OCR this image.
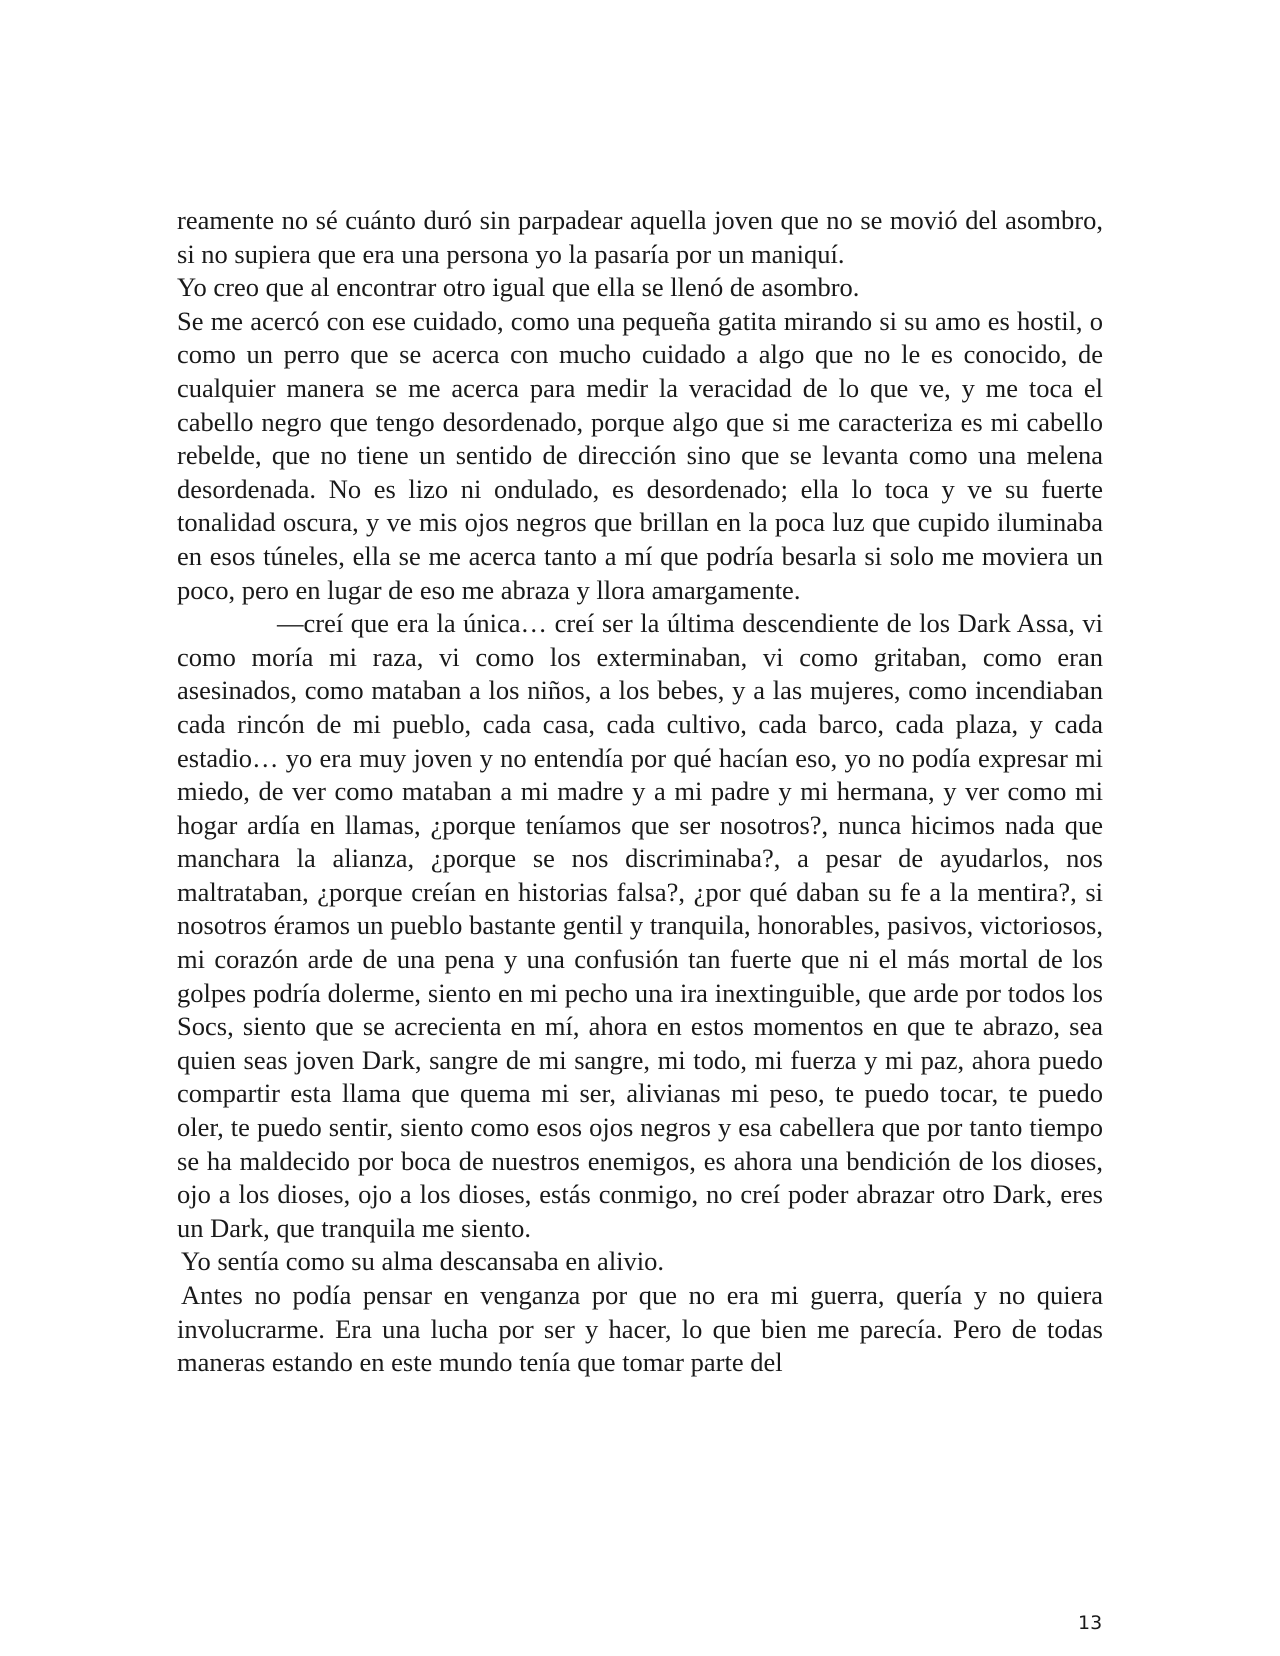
reamente no sé cuánto duró sin parpadear aquella joven que no se movió del asombro, si no supiera que era una persona yo la pasaría por un maniquí.

Yo creo que al encontrar otro igual que ella se llenó de asombro.

Se me acercó con ese cuidado, como una pequeña gatita mirando si su amo es hostil, o como un perro que se acerca con mucho cuidado a algo que no le es conocido, de cualquier manera se me acerca para medir la veracidad de lo que ve, y me toca el cabello negro que tengo desordenado, porque algo que si me caracteriza es mi cabello rebelde, que no tiene un sentido de dirección sino que se levanta como una melena desordenada. No es lizo ni ondulado, es desordenado; ella lo toca y ve su fuerte tonalidad oscura, y ve mis ojos negros que brillan en la poca luz que cupido iluminaba en esos túneles, ella se me acerca tanto a mí que podría besarla si solo me moviera un poco, pero en lugar de eso me abraza y llora amargamente.

—creí que era la única… creí ser la última descendiente de los Dark Assa, vi como moría mi raza, vi como los exterminaban, vi como gritaban, como eran asesinados, como mataban a los niños, a los bebes, y a las mujeres, como incendiaban cada rincón de mi pueblo, cada casa, cada cultivo, cada barco, cada plaza, y cada estadio… yo era muy joven y no entendía por qué hacían eso, yo no podía expresar mi miedo, de ver como mataban a mi madre y a mi padre y mi hermana, y ver como mi hogar ardía en llamas, ¿porque teníamos que ser nosotros?, nunca hicimos nada que manchara la alianza, ¿porque se nos discriminaba?, a pesar de ayudarlos, nos maltrataban, ¿porque creían en historias falsa?, ¿por qué daban su fe a la mentira?, si nosotros éramos un pueblo bastante gentil y tranquila, honorables, pasivos, victoriosos, mi corazón arde de una pena y una confusión tan fuerte que ni el más mortal de los golpes podría dolerme, siento en mi pecho una ira inextinguible, que arde por todos los Socs, siento que se acrecienta en mí, ahora en estos momentos en que te abrazo, sea quien seas joven Dark, sangre de mi sangre, mi todo, mi fuerza y mi paz, ahora puedo compartir esta llama que quema mi ser, alivianas mi peso, te puedo tocar, te puedo oler, te puedo sentir, siento como esos ojos negros y esa cabellera que por tanto tiempo se ha maldecido por boca de nuestros enemigos, es ahora una bendición de los dioses, ojo a los dioses, ojo a los dioses, estás conmigo, no creí poder abrazar otro Dark, eres un Dark, que tranquila me siento.

Yo sentía como su alma descansaba en alivio.

Antes no podía pensar en venganza por que no era mi guerra, quería y no quiera involucrarme. Era una lucha por ser y hacer, lo que bien me parecía. Pero de todas maneras estando en este mundo tenía que tomar parte del

13
